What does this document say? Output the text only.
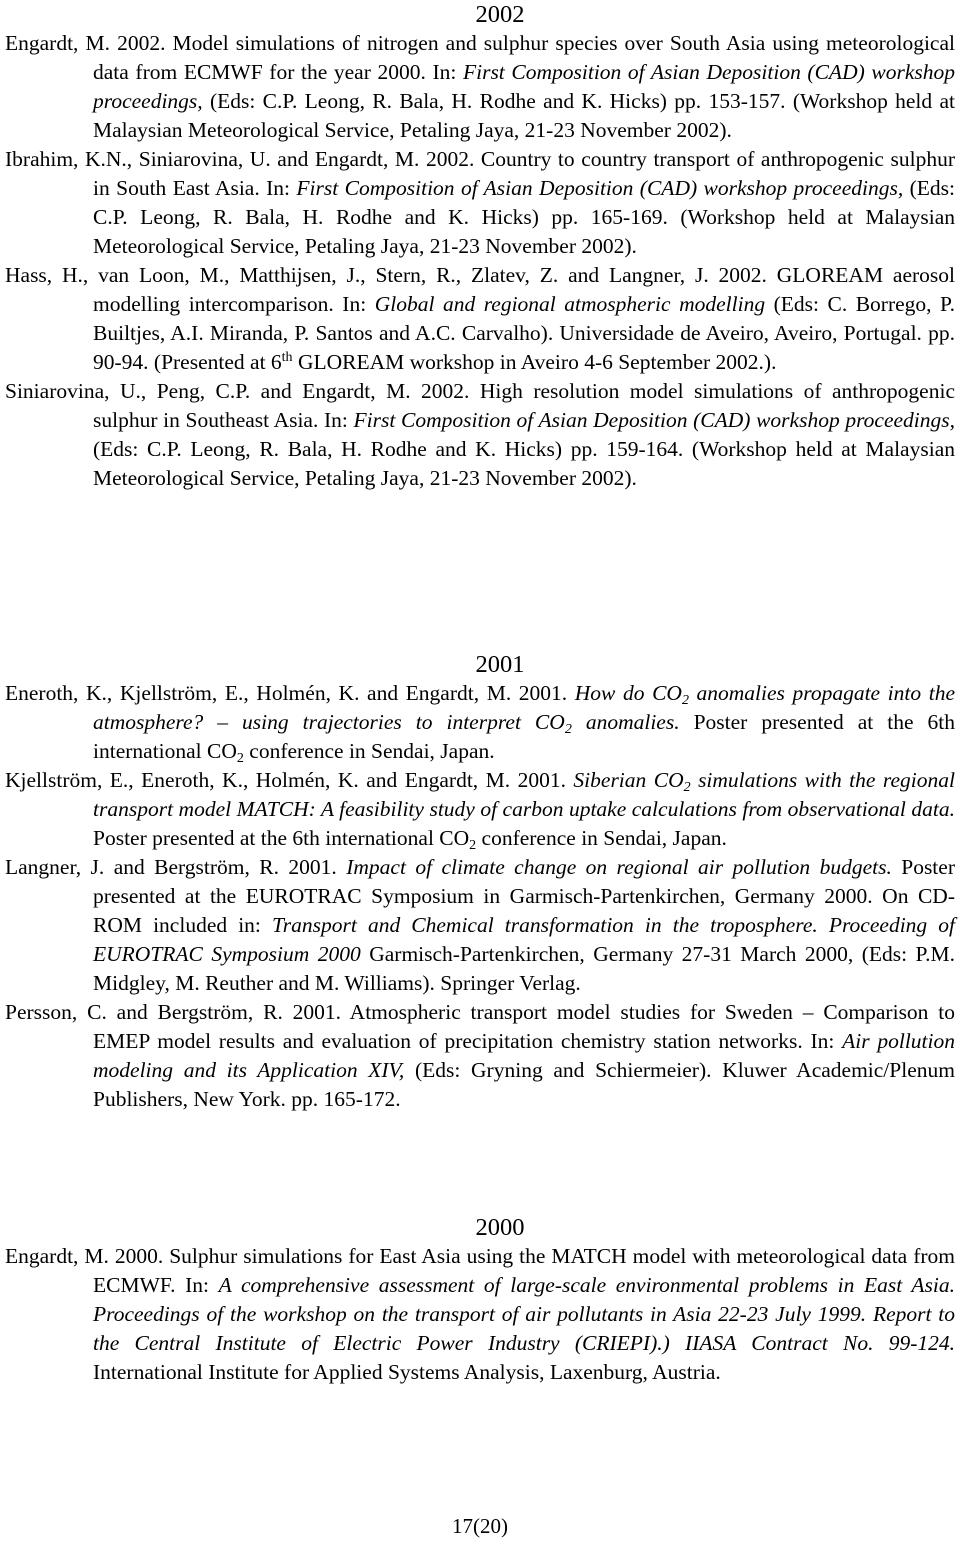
2002

Engardt, M. 2002. Model simulations of nitrogen and sulphur species over South Asia using meteorological data from ECMWF for the year 2000. In: First Composition of Asian Deposition (CAD) workshop proceedings, (Eds: C.P. Leong, R. Bala, H. Rodhe and K. Hicks) pp. 153-157. (Workshop held at Malaysian Meteorological Service, Petaling Jaya, 21-23 November 2002).

Ibrahim, K.N., Siniarovina, U. and Engardt, M. 2002. Country to country transport of anthropogenic sulphur in South East Asia. In: First Composition of Asian Deposition (CAD) workshop proceedings, (Eds: C.P. Leong, R. Bala, H. Rodhe and K. Hicks) pp. 165-169. (Workshop held at Malaysian Meteorological Service, Petaling Jaya, 21-23 November 2002).

Hass, H., van Loon, M., Matthijsen, J., Stern, R., Zlatev, Z. and Langner, J. 2002. GLOREAM aerosol modelling intercomparison. In: Global and regional atmospheric modelling (Eds: C. Borrego, P. Builtjes, A.I. Miranda, P. Santos and A.C. Carvalho). Universidade de Aveiro, Aveiro, Portugal. pp. 90-94. (Presented at 6th GLOREAM workshop in Aveiro 4-6 September 2002.).

Siniarovina, U., Peng, C.P. and Engardt, M. 2002. High resolution model simulations of anthropogenic sulphur in Southeast Asia. In: First Composition of Asian Deposition (CAD) workshop proceedings, (Eds: C.P. Leong, R. Bala, H. Rodhe and K. Hicks) pp. 159-164. (Workshop held at Malaysian Meteorological Service, Petaling Jaya, 21-23 November 2002).

2001

Eneroth, K., Kjellström, E., Holmén, K. and Engardt, M. 2001. How do $CO_2$ anomalies propagate into the atmosphere? – using trajectories to interpret $CO_2$ anomalies. Poster presented at the 6th international $CO_2$ conference in Sendai, Japan.

Kjellström, E., Eneroth, K., Holmén, K. and Engardt, M. 2001. Siberian $CO_2$ simulations with the regional transport model MATCH: A feasibility study of carbon uptake calculations from observational data. Poster presented at the 6th international $CO_2$ conference in Sendai, Japan.

Langner, J. and Bergström, R. 2001. Impact of climate change on regional air pollution budgets. Poster presented at the EUROTRAC Symposium in Garmisch-Partenkirchen, Germany 2000. On CD-ROM included in: Transport and Chemical transformation in the troposphere. Proceeding of EUROTRAC Symposium 2000 Garmisch-Partenkirchen, Germany 27-31 March 2000, (Eds: P.M. Midgley, M. Reuther and M. Williams). Springer Verlag.

Persson, C. and Bergström, R. 2001. Atmospheric transport model studies for Sweden – Comparison to EMEP model results and evaluation of precipitation chemistry station networks. In: Air pollution modeling and its Application XIV, (Eds: Gryning and Schiermeier). Kluwer Academic/Plenum Publishers, New York. pp. 165-172.

2000

Engardt, M. 2000. Sulphur simulations for East Asia using the MATCH model with meteorological data from ECMWF. In: A comprehensive assessment of large-scale environmental problems in East Asia. Proceedings of the workshop on the transport of air pollutants in Asia 22-23 July 1999. Report to the Central Institute of Electric Power Industry (CRIEPI).) IIASA Contract No. 99-124. International Institute for Applied Systems Analysis, Laxenburg, Austria.

17(20)
